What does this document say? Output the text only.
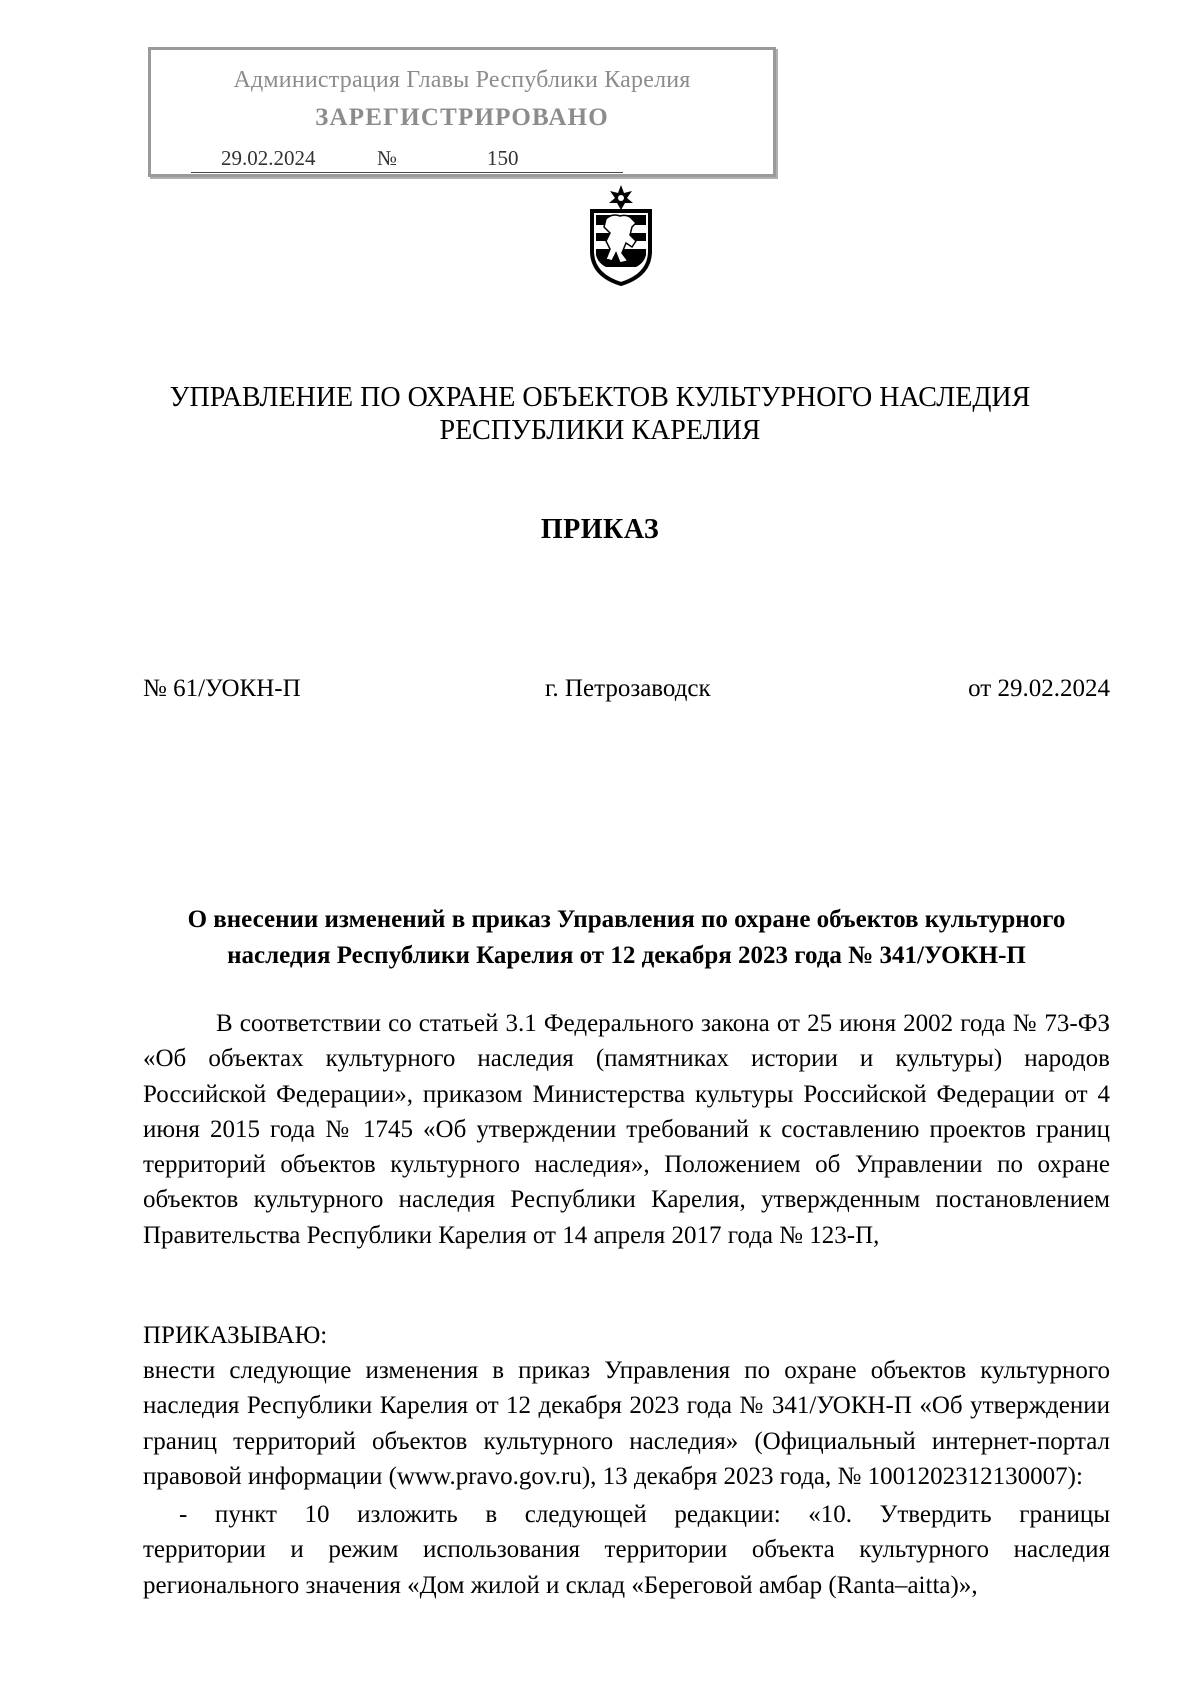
Администрация Главы Республики Карелия
ЗАРЕГИСТРИРОВАНО
29.02.2024	№	150
УПРАВЛЕНИЕ ПО ОХРАНЕ ОБЪЕКТОВ КУЛЬТУРНОГО НАСЛЕДИЯ
РЕСПУБЛИКИ КАРЕЛИЯ
ПРИКАЗ
№ 61/УОКН-П	г. Петрозаводск	от 29.02.2024
О внесении изменений в приказ Управления по охране объектов культурного
наследия Республики Карелия от 12 декабря 2023 года № 341/УОКН-П
В соответствии со статьей 3.1 Федерального закона от 25 июня 2002 года № 73-ФЗ «Об объектах культурного наследия (памятниках истории и культуры) народов Российской Федерации», приказом Министерства культуры Российской Федерации от 4 июня 2015 года № 1745 «Об утверждении требований к составлению проектов границ территорий объектов культурного наследия», Положением об Управлении по охране объектов культурного наследия Республики Карелия, утвержденным постановлением Правительства Республики Карелия от 14 апреля 2017 года № 123-П,
ПРИКАЗЫВАЮ:
внести следующие изменения в приказ Управления по охране объектов культурного наследия Республики Карелия от 12 декабря 2023 года № 341/УОКН-П «Об утверждении границ территорий объектов культурного наследия» (Официальный интернет-портал правовой информации (www.pravo.gov.ru), 13 декабря 2023 года, № 1001202312130007):
- пункт 10 изложить в следующей редакции: «10. Утвердить границы
территории и режим использования территории объекта культурного наследия регионального значения «Дом жилой и склад «Береговой амбар (Ranta–aitta)»,
